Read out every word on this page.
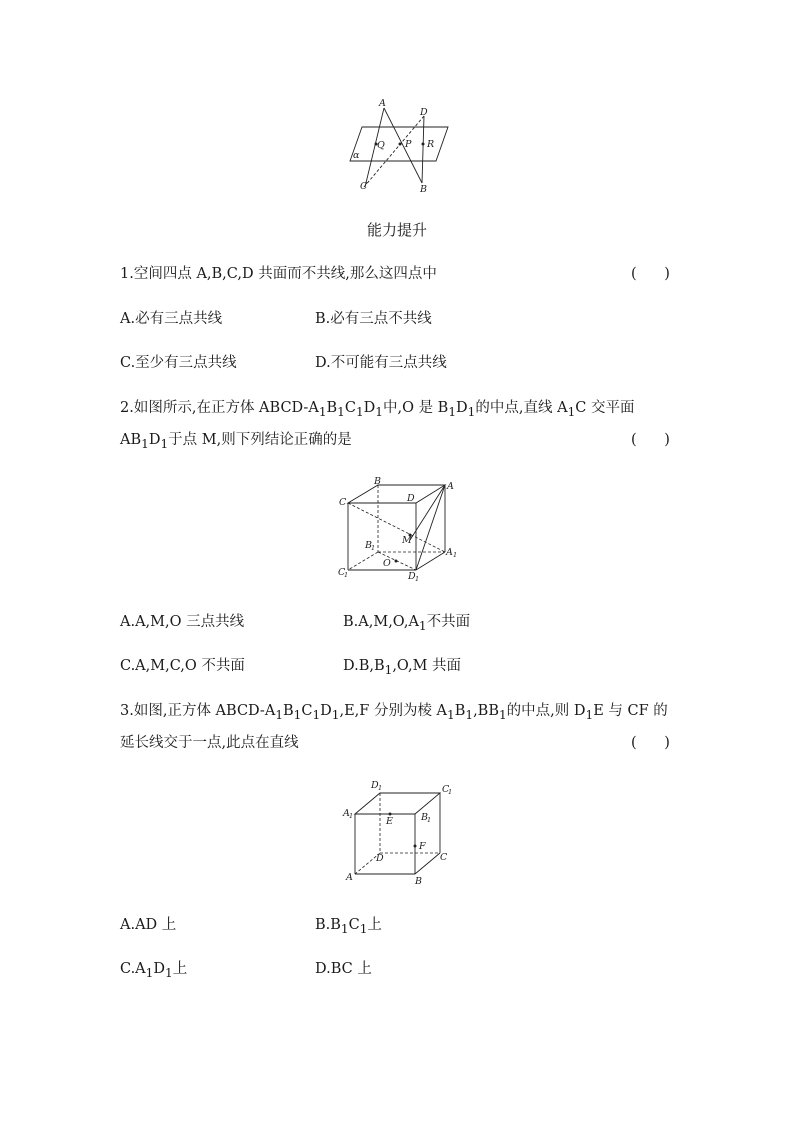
A
D
Q P R
α
C	B
能力提升
1.空间四点 A,B,C,D 共面而不共线,那么这四点中	(      )
A.必有三点共线	B.必有三点不共线
C.至少有三点共线	D.不可能有三点共线
2.如图所示,在正方体 ABCD-$A_1B_1C_1D_1$中,O 是 $B_1D_1$的中点,直线 $A_1C$ 交平面
$AB_1D_1$于点 M,则下列结论正确的是	(      )
B
D
A
C
M
B 1	A 1
O
C
1	D 1
A.A,M,O 三点共线	$B.A,M,O,A_1$不共面
C.A,M,C,O 不共面	$D.B,B_1,O,M$ 共面
3.如图,正方体 ABCD-$A_1B_1C_1D_1,E,F$ 分别为棱 $A_1B_1,BB_1$的中点,则 $D_1E$ 与 CF 的
延长线交于一点,此点在直线	(      )
D 1	C
1
A 1	E	B 1
F
D	C
A	B
A.AD 上	$B.B_1C_1$上
$C.A_1D_1$上	D.BC 上
